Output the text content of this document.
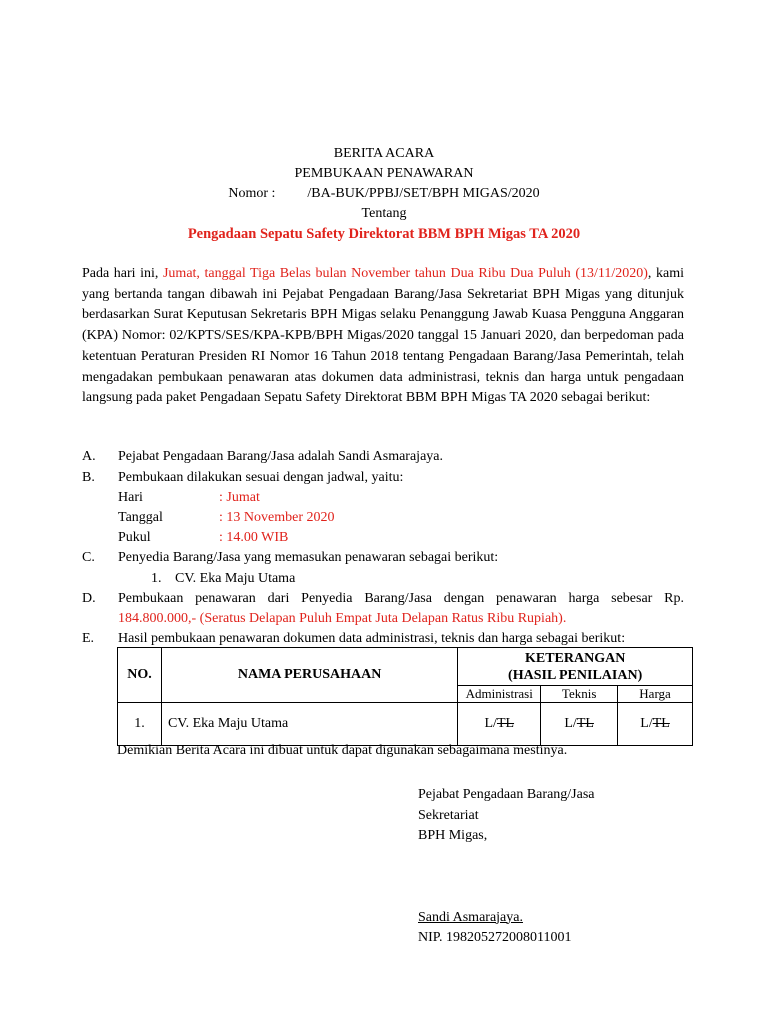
BERITA ACARA
PEMBUKAAN PENAWARAN
Nomor : /BA-BUK/PPBJ/SET/BPH MIGAS/2020
Tentang
Pengadaan Sepatu Safety Direktorat BBM BPH Migas TA 2020
Pada hari ini, Jumat, tanggal Tiga Belas bulan November tahun Dua Ribu Dua Puluh (13/11/2020), kami yang bertanda tangan dibawah ini Pejabat Pengadaan Barang/Jasa Sekretariat BPH Migas yang ditunjuk berdasarkan Surat Keputusan Sekretaris BPH Migas selaku Penanggung Jawab Kuasa Pengguna Anggaran (KPA) Nomor: 02/KPTS/SES/KPA-KPB/BPH Migas/2020 tanggal 15 Januari 2020, dan berpedoman pada ketentuan Peraturan Presiden RI Nomor 16 Tahun 2018 tentang Pengadaan Barang/Jasa Pemerintah, telah mengadakan pembukaan penawaran atas dokumen data administrasi, teknis dan harga untuk pengadaan langsung pada paket Pengadaan Sepatu Safety Direktorat BBM BPH Migas TA 2020 sebagai berikut:
A. Pejabat Pengadaan Barang/Jasa adalah Sandi Asmarajaya.
B. Pembukaan dilakukan sesuai dengan jadwal, yaitu:
Hari	: Jumat
Tanggal	: 13 November 2020
Pukul	: 14.00 WIB
C. Penyedia Barang/Jasa yang memasukan penawaran sebagai berikut:
1. CV. Eka Maju Utama
D. Pembukaan penawaran dari Penyedia Barang/Jasa dengan penawaran harga sebesar Rp.
184.800.000,- (Seratus Delapan Puluh Empat Juta Delapan Ratus Ribu Rupiah).
E. Hasil pembukaan penawaran dokumen data administrasi, teknis dan harga sebagai berikut:
NO.	NAMA PERUSAHAAN	KETERANGAN
(HASIL PENILAIAN)		

		Administrasi	Teknis	Harga
1.	CV. Eka Maju Utama	L/TL	L/TL	L/TL
Demikian Berita Acara ini dibuat untuk dapat digunakan sebagaimana mestinya.
Pejabat Pengadaan Barang/Jasa
Sekretariat
BPH Migas,
Sandi Asmarajaya.
NIP. 198205272008011001
